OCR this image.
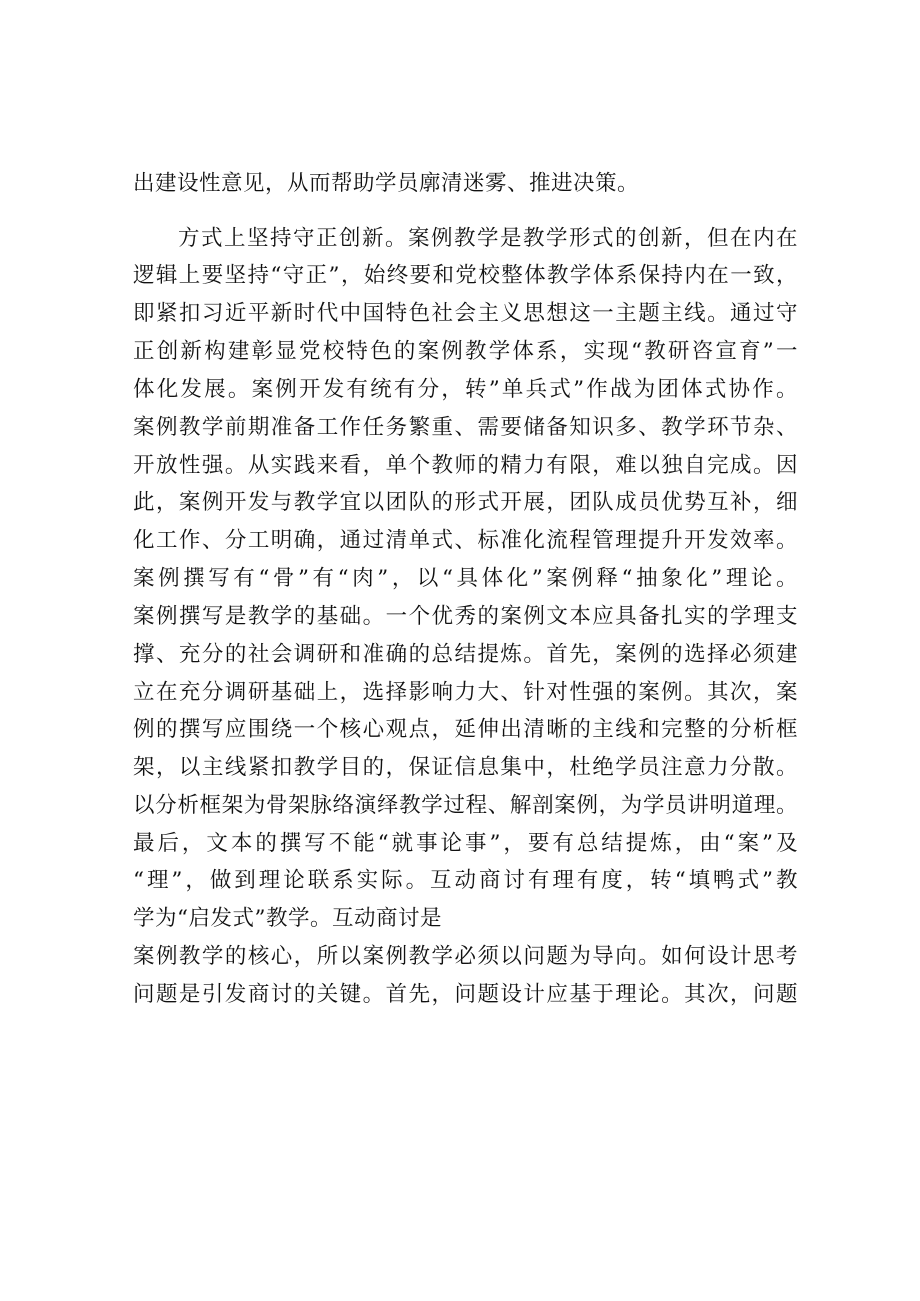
出建设性意见，从而帮助学员廓清迷雾、推进决策。
方式上坚持守正创新。案例教学是教学形式的创新，但在内在
逻辑上要坚持“守正”，始终要和党校整体教学体系保持内在一致，
即紧扣习近平新时代中国特色社会主义思想这一主题主线。通过守
正创新构建彰显党校特色的案例教学体系，实现“教研咨宣育”一
体化发展。案例开发有统有分，转”单兵式”作战为团体式协作。
案例教学前期准备工作任务繁重、需要储备知识多、教学环节杂、
开放性强。从实践来看，单个教师的精力有限，难以独自完成。因
此，案例开发与教学宜以团队的形式开展，团队成员优势互补，细
化工作、分工明确，通过清单式、标准化流程管理提升开发效率。
案例撰写有“骨”有“肉”，以“具体化”案例释“抽象化”理论。
案例撰写是教学的基础。一个优秀的案例文本应具备扎实的学理支
撑、充分的社会调研和准确的总结提炼。首先，案例的选择必须建
立在充分调研基础上，选择影响力大、针对性强的案例。其次，案
例的撰写应围绕一个核心观点，延伸出清晰的主线和完整的分析框
架，以主线紧扣教学目的，保证信息集中，杜绝学员注意力分散。
以分析框架为骨架脉络演绎教学过程、解剖案例，为学员讲明道理。
最后，文本的撰写不能“就事论事”，要有总结提炼，由“案”及
“理”，做到理论联系实际。互动商讨有理有度，转“填鸭式”教
学为“启发式”教学。互动商讨是
案例教学的核心，所以案例教学必须以问题为导向。如何设计思考
问题是引发商讨的关键。首先，问题设计应基于理论。其次，问题
